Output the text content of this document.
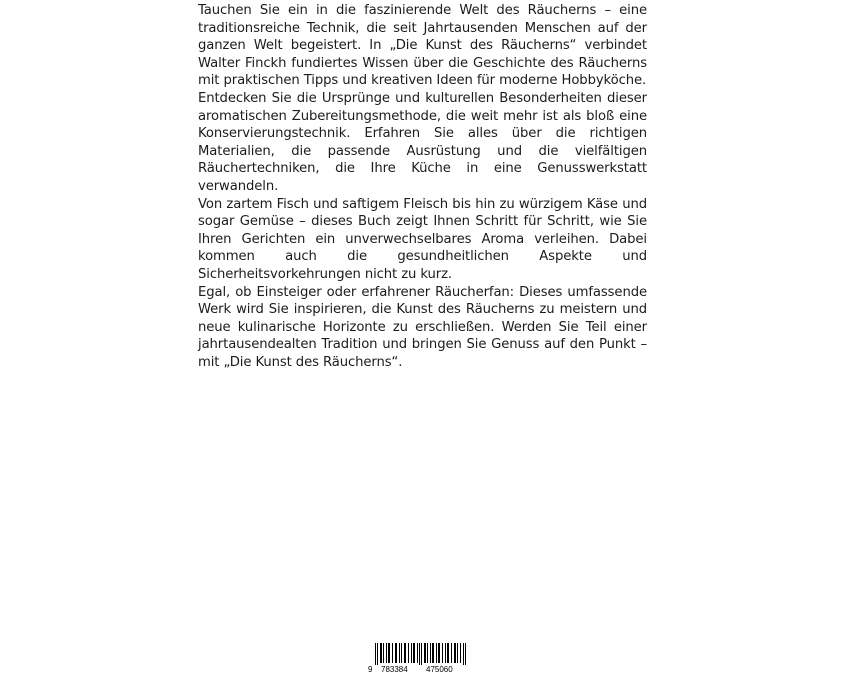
Tauchen Sie ein in die faszinierende Welt des Räucherns – eine traditionsreiche Technik, die seit Jahrtausenden Menschen auf der ganzen Welt begeistert. In „Die Kunst des Räucherns“ verbindet Walter Finckh fundiertes Wissen über die Geschichte des Räucherns mit praktischen Tipps und kreativen Ideen für moderne Hobbyköche.

Entdecken Sie die Ursprünge und kulturellen Besonderheiten dieser aromatischen Zubereitungsmethode, die weit mehr ist als bloß eine Konservierungstechnik. Erfahren Sie alles über die richtigen Materialien, die passende Ausrüstung und die vielfältigen Räuchertechniken, die Ihre Küche in eine Genusswerkstatt verwandeln.

Von zartem Fisch und saftigem Fleisch bis hin zu würzigem Käse und sogar Gemüse – dieses Buch zeigt Ihnen Schritt für Schritt, wie Sie Ihren Gerichten ein unverwechselbares Aroma verleihen. Dabei kommen auch die gesundheitlichen Aspekte und Sicherheitsvorkehrungen nicht zu kurz.

Egal, ob Einsteiger oder erfahrener Räucherfan: Dieses umfassende Werk wird Sie inspirieren, die Kunst des Räucherns zu meistern und neue kulinarische Horizonte zu erschließen. Werden Sie Teil einer jahrtausendealten Tradition und bringen Sie Genuss auf den Punkt – mit „Die Kunst des Räucherns“.

9 783384 475060
